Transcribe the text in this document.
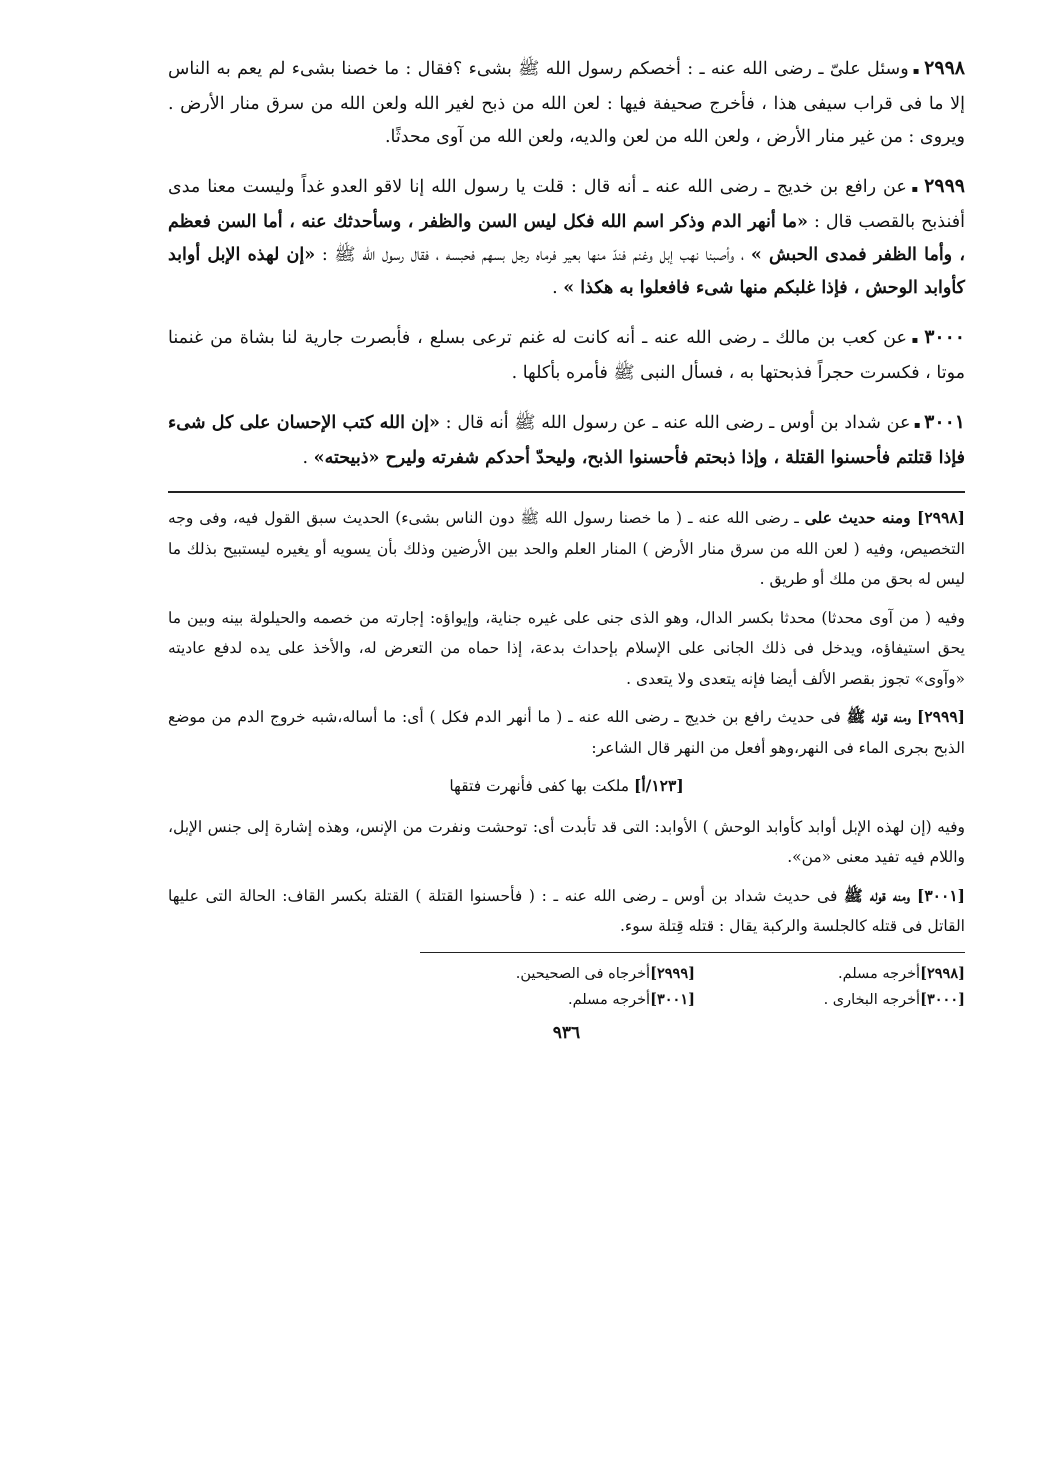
٢٩٩٨ ▪ وسئل علىّ ـ رضى الله عنه ـ : أخصكم رسول الله ﷺ بشىء ؟فقال : ما خصنا بشىء لم يعم به الناس إلا ما فى قراب سيفى هذا ، فأخرج صحيفة فيها : لعن الله من ذبح لغير الله ولعن الله من سرق منار الأرض . ويروى : من غير منار الأرض ، ولعن الله من لعن والديه، ولعن الله من آوى محدثًا.

٢٩٩٩ ▪ عن رافع بن خديج ـ رضى الله عنه ـ أنه قال : قلت يا رسول الله إنا لاقو العدو غداً وليست معنا مدى أفنذبح بالقصب قال : «ما أنهر الدم وذكر اسم الله فكل ليس السن والظفر ، وسأحدثك عنه ، أما السن فعظم ، وأما الظفر فمدى الحبش » ، وأصبنا نهب إبل وغنم فندّ منها بعير فرماه رجل بسهم فحبسه ، فقال رسول الله ﷺ : «إن لهذه الإبل أوابد كأوابد الوحش ، فإذا غلبكم منها شىء فافعلوا به هكذا » .

٣٠٠٠ ▪ عن كعب بن مالك ـ رضى الله عنه ـ أنه كانت له غنم ترعى بسلع ، فأبصرت جارية لنا بشاة من غنمنا موتا ، فكسرت حجراً فذبحتها به ، فسأل النبى ﷺ فأمره بأكلها .

٣٠٠١ ▪ عن شداد بن أوس ـ رضى الله عنه ـ عن رسول الله ﷺ أنه قال : «إن الله كتب الإحسان على كل شىء فإذا قتلتم فأحسنوا القتلة ، وإذا ذبحتم فأحسنوا الذبح، وليحدّ أحدكم شفرته وليرح «ذبيحته» .

[٢٩٩٨] ومنه حديث على ـ رضى الله عنه ـ ( ما خصنا رسول الله ﷺ دون الناس بشىء) الحديث سبق القول فيه، وفى وجه التخصيص، وفيه ( لعن الله من سرق منار الأرض ) المنار العلم والحد بين الأرضين وذلك بأن يسويه أو يغيره ليستبيح بذلك ما ليس له بحق من ملك أو طريق .

وفيه ( من آوى محدثا) محدثا بكسر الدال، وهو الذى جنى على غيره جناية، وإيواؤه: إجارته من خصمه والحيلولة بينه وبين ما يحق استيفاؤه، ويدخل فى ذلك الجانى على الإسلام بإحداث بدعة، إذا حماه من التعرض له، والأخذ على يده لدفع عاديته «وآوى» تجوز بقصر الألف أيضا فإنه يتعدى ولا يتعدى .

[٢٩٩٩] ومنه قوله ﷺ فى حديث رافع بن خديج ـ رضى الله عنه ـ ( ما أنهر الدم فكل ) أى: ما أساله،شبه خروج الدم من موضع الذبح بجرى الماء فى النهر،وهو أفعل من النهر قال الشاعر:

[١٢٣/أ] ملكت بها كفى فأنهرت فتقها

وفيه (إن لهذه الإبل أوابد كأوابد الوحش ) الأوابد: التى قد تأبدت أى: توحشت ونفرت من الإنس، وهذه إشارة إلى جنس الإبل، واللام فيه تفيد معنى «من».

[٣٠٠١] ومنه قوله ﷺ فى حديث شداد بن أوس ـ رضى الله عنه ـ : ( فأحسنوا القتلة ) القتلة بكسر القاف: الحالة التى عليها القاتل فى قتله كالجلسة والركبة يقال : قتله قِتلة سوء.

[٢٩٩٨]أخرجه مسلم.
[٢٩٩٩]أخرجاه فى الصحيحين.
[٣٠٠٠]أخرجه البخارى .
[٣٠٠١]أخرجه مسلم.
٩٣٦
